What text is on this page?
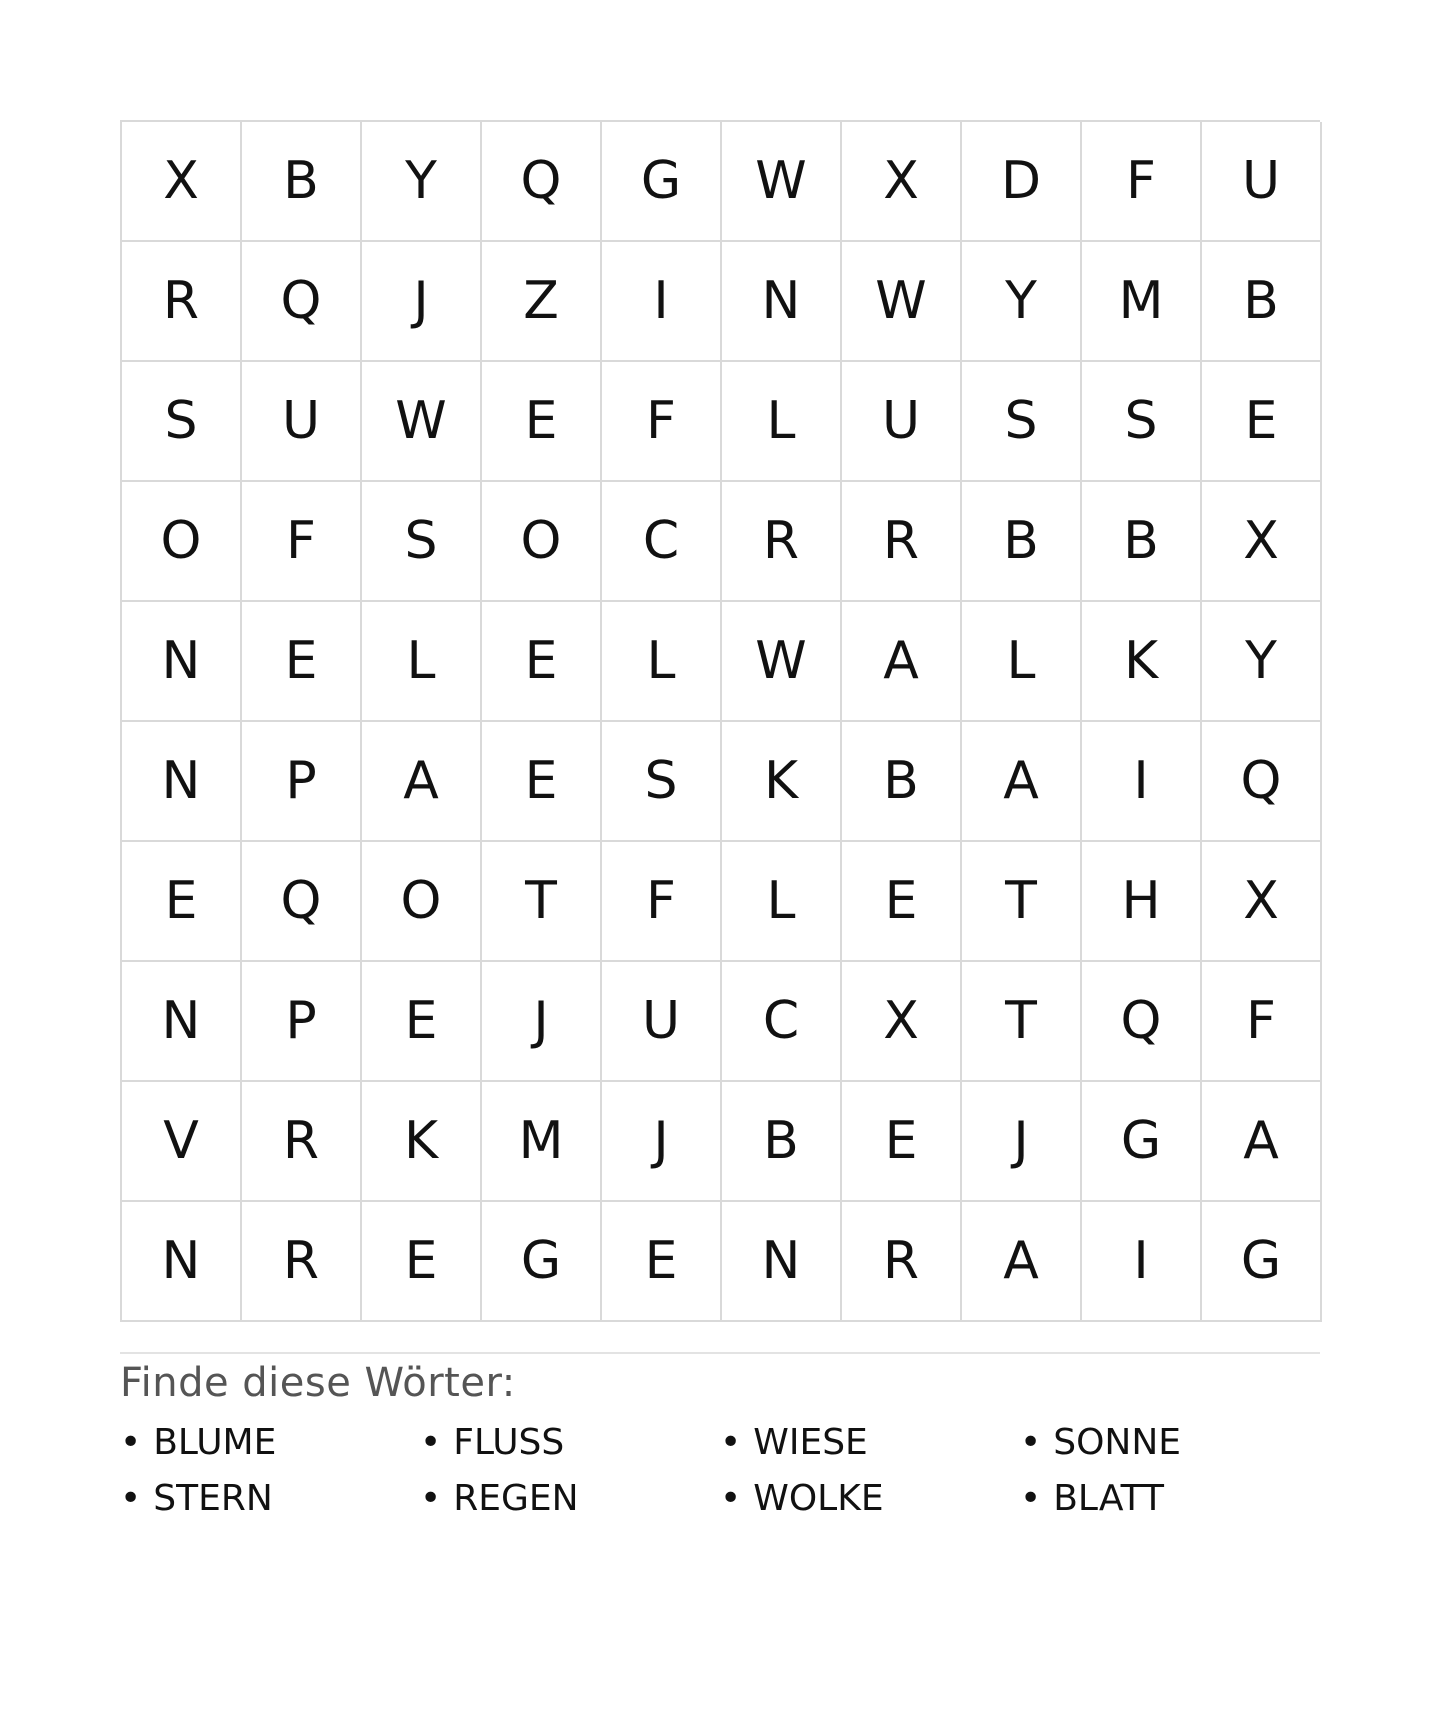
X	B	Y	Q	G	W	X	D	F	U
R	Q	J	Z	I	N	W	Y	M	B
S	U	W	E	F	L	U	S	S	E
O	F	S	O	C	R	R	B	B	X
N	E	L	E	L	W	A	L	K	Y
N	P	A	E	S	K	B	A	I	Q
E	Q	O	T	F	L	E	T	H	X
N	P	E	J	U	C	X	T	Q	F
V	R	K	M	J	B	E	J	G	A
N	R	E	G	E	N	R	A	I	G
Finde diese Wörter:
• BLUME	• FLUSS	• WIESE	• SONNE
• STERN	• REGEN	• WOLKE	• BLATT
